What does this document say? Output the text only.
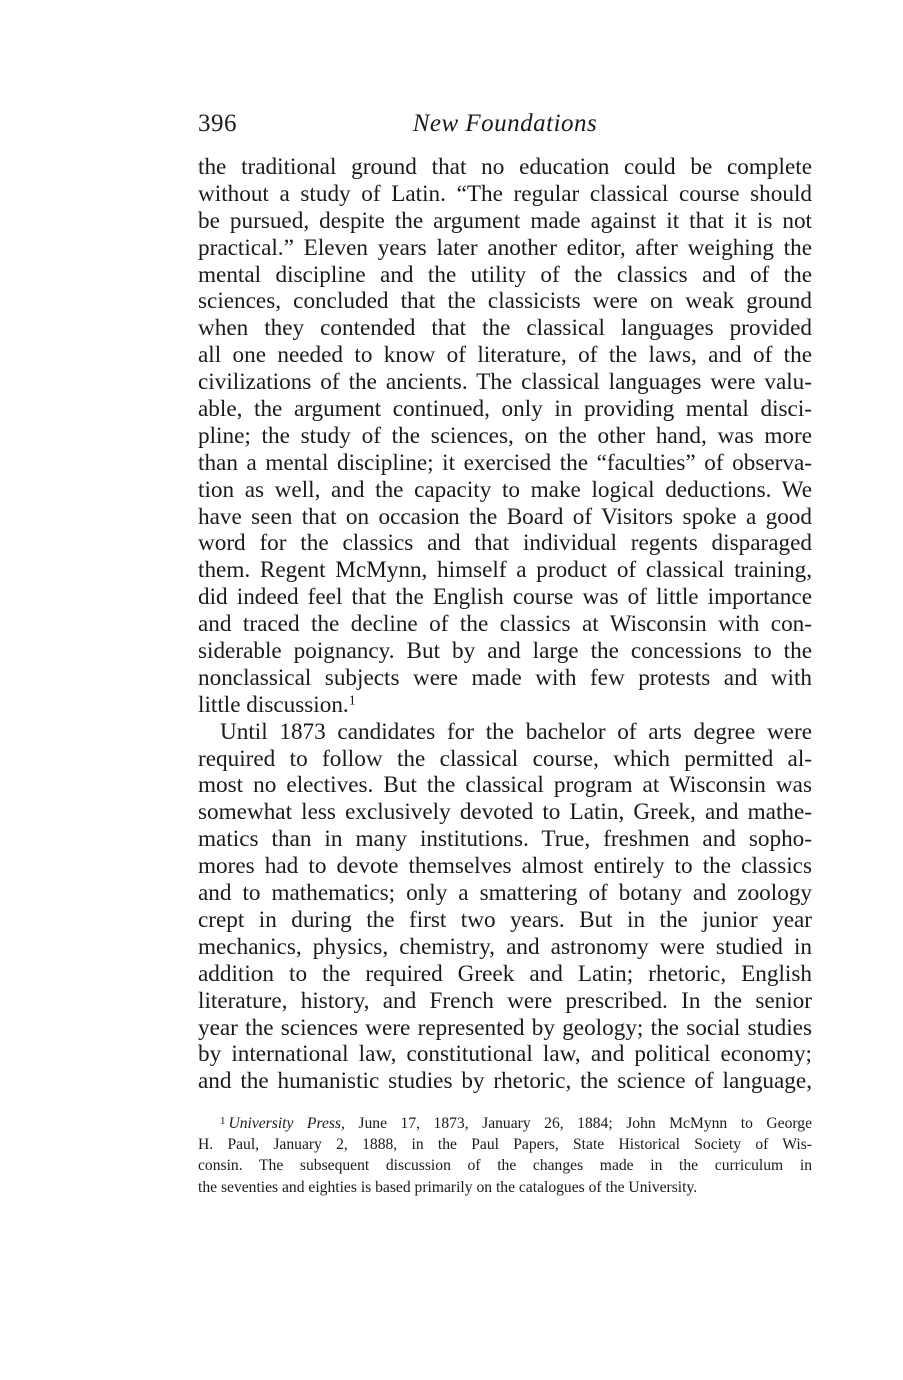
396	New Foundations
the traditional ground that no education could be complete
without a study of Latin. “The regular classical course should
be pursued, despite the argument made against it that it is not
practical.” Eleven years later another editor, after weighing the
mental discipline and the utility of the classics and of the
sciences, concluded that the classicists were on weak ground
when they contended that the classical languages provided
all one needed to know of literature, of the laws, and of the
civilizations of the ancients. The classical languages were valu-
able, the argument continued, only in providing mental disci-
pline; the study of the sciences, on the other hand, was more
than a mental discipline; it exercised the “faculties” of observa-
tion as well, and the capacity to make logical deductions. We
have seen that on occasion the Board of Visitors spoke a good
word for the classics and that individual regents disparaged
them. Regent McMynn, himself a product of classical training,
did indeed feel that the English course was of little importance
and traced the decline of the classics at Wisconsin with con-
siderable poignancy. But by and large the concessions to the
nonclassical subjects were made with few protests and with
little discussion.$^1$
Until 1873 candidates for the bachelor of arts degree were
required to follow the classical course, which permitted al-
most no electives. But the classical program at Wisconsin was
somewhat less exclusively devoted to Latin, Greek, and mathe-
matics than in many institutions. True, freshmen and sopho-
mores had to devote themselves almost entirely to the classics
and to mathematics; only a smattering of botany and zoology
crept in during the first two years. But in the junior year
mechanics, physics, chemistry, and astronomy were studied in
addition to the required Greek and Latin; rhetoric, English
literature, history, and French were prescribed. In the senior
year the sciences were represented by geology; the social studies
by international law, constitutional law, and political economy;
and the humanistic studies by rhetoric, the science of language,
$^1$ University Press, June 17, 1873, January 26, 1884; John McMynn to George
H. Paul, January 2, 1888, in the Paul Papers, State Historical Society of Wis-
consin. The subsequent discussion of the changes made in the curriculum in
the seventies and eighties is based primarily on the catalogues of the University.
